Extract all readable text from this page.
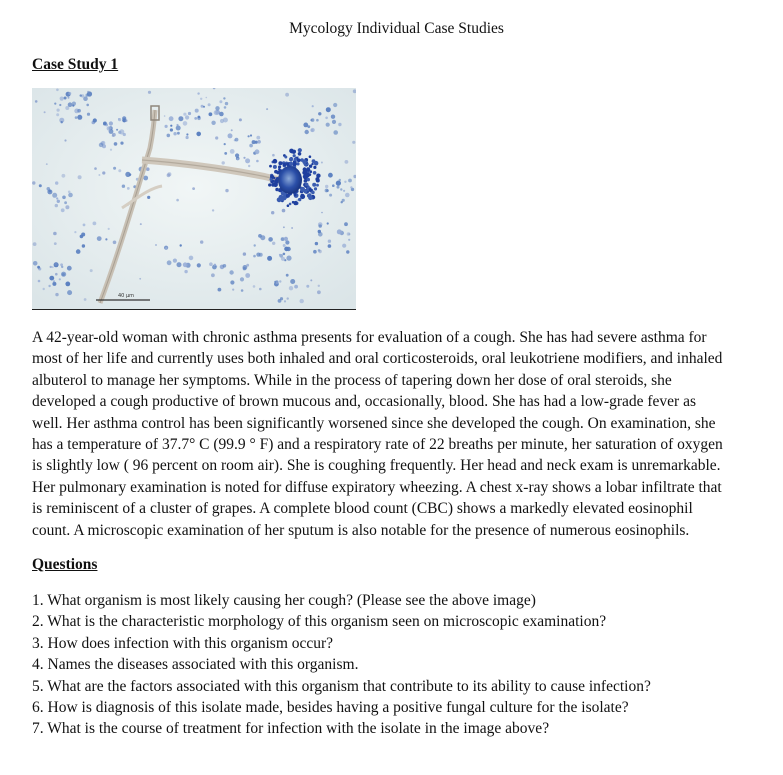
Mycology Individual Case Studies
Case Study 1
40 µm

A 42-year-old woman with chronic asthma presents for evaluation of a cough. She has had severe asthma for
most of her life and currently uses both inhaled and oral corticosteroids, oral leukotriene modifiers, and inhaled
albuterol to manage her symptoms. While in the process of tapering down her dose of oral steroids, she
developed a cough productive of brown mucous and, occasionally, blood. She has had a low-grade fever as
well. Her asthma control has been significantly worsened since she developed the cough. On examination, she
has a temperature of 37.7° C (99.9 ° F) and a respiratory rate of 22 breaths per minute, her saturation of oxygen
is slightly low ( 96 percent on room air). She is coughing frequently. Her head and neck exam is unremarkable.
Her pulmonary examination is noted for diffuse expiratory wheezing. A chest x-ray shows a lobar infiltrate that
is reminiscent of a cluster of grapes. A complete blood count (CBC) shows a markedly elevated eosinophil
count. A microscopic examination of her sputum is also notable for the presence of numerous eosinophils.

Questions
1. What organism is most likely causing her cough? (Please see the above image)
2. What is the characteristic morphology of this organism seen on microscopic examination?
3. How does infection with this organism occur?
4. Names the diseases associated with this organism.
5. What are the factors associated with this organism that contribute to its ability to cause infection?
6. How is diagnosis of this isolate made, besides having a positive fungal culture for the isolate?
7. What is the course of treatment for infection with the isolate in the image above?
